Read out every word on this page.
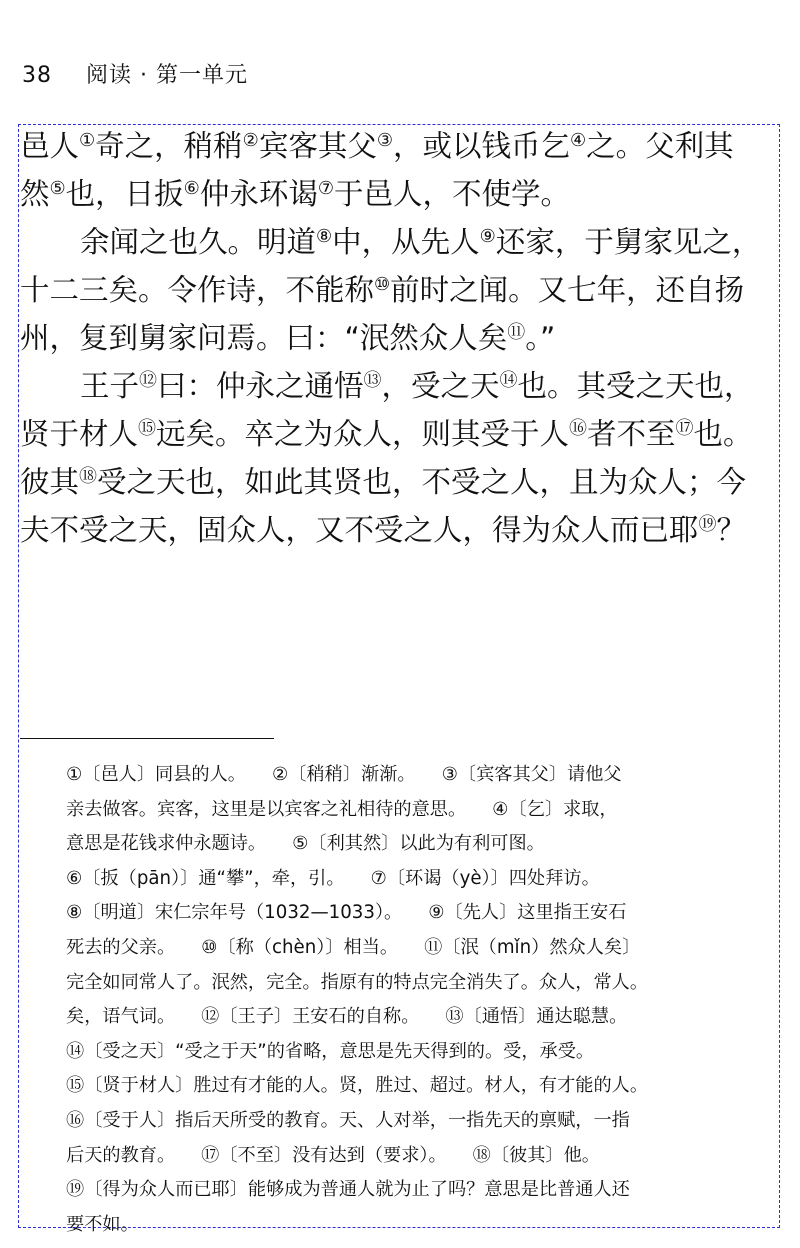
38 阅读 · 第一单元
邑人①奇之，稍稍②宾客其父③，或以钱币乞④之。父利其
然⑤也，日扳⑥仲永环谒⑦于邑人，不使学。
余闻之也久。明道⑧中，从先人⑨还家，于舅家见之，
十二三矣。令作诗，不能称⑩前时之闻。又七年，还自扬
州，复到舅家问焉。曰：“泯然众人矣⑪。”
王子⑫曰：仲永之通悟⑬，受之天⑭也。其受之天也，
贤于材人⑮远矣。卒之为众人，则其受于人⑯者不至⑰也。
彼其⑱受之天也，如此其贤也，不受之人，且为众人；今
夫不受之天，固众人，又不受之人，得为众人而已耶⑲？
①〔邑人〕同县的人。 ②〔稍稍〕渐渐。 ③〔宾客其父〕请他父
亲去做客。宾客，这里是以宾客之礼相待的意思。 ④〔乞〕求取，
意思是花钱求仲永题诗。 ⑤〔利其然〕以此为有利可图。
⑥〔扳（pān）〕通“攀”，牵，引。 ⑦〔环谒（yè）〕四处拜访。
⑧〔明道〕宋仁宗年号（1032—1033）。 ⑨〔先人〕这里指王安石
死去的父亲。 ⑩〔称（chèn）〕相当。 ⑪〔泯（mǐn）然众人矣〕
完全如同常人了。泯然，完全。指原有的特点完全消失了。众人，常人。
矣，语气词。 ⑫〔王子〕王安石的自称。 ⑬〔通悟〕通达聪慧。
⑭〔受之天〕“受之于天”的省略，意思是先天得到的。受，承受。
⑮〔贤于材人〕胜过有才能的人。贤，胜过、超过。材人，有才能的人。
⑯〔受于人〕指后天所受的教育。天、人对举，一指先天的禀赋，一指
后天的教育。 ⑰〔不至〕没有达到（要求）。 ⑱〔彼其〕他。
⑲〔得为众人而已耶〕能够成为普通人就为止了吗？意思是比普通人还
要不如。
